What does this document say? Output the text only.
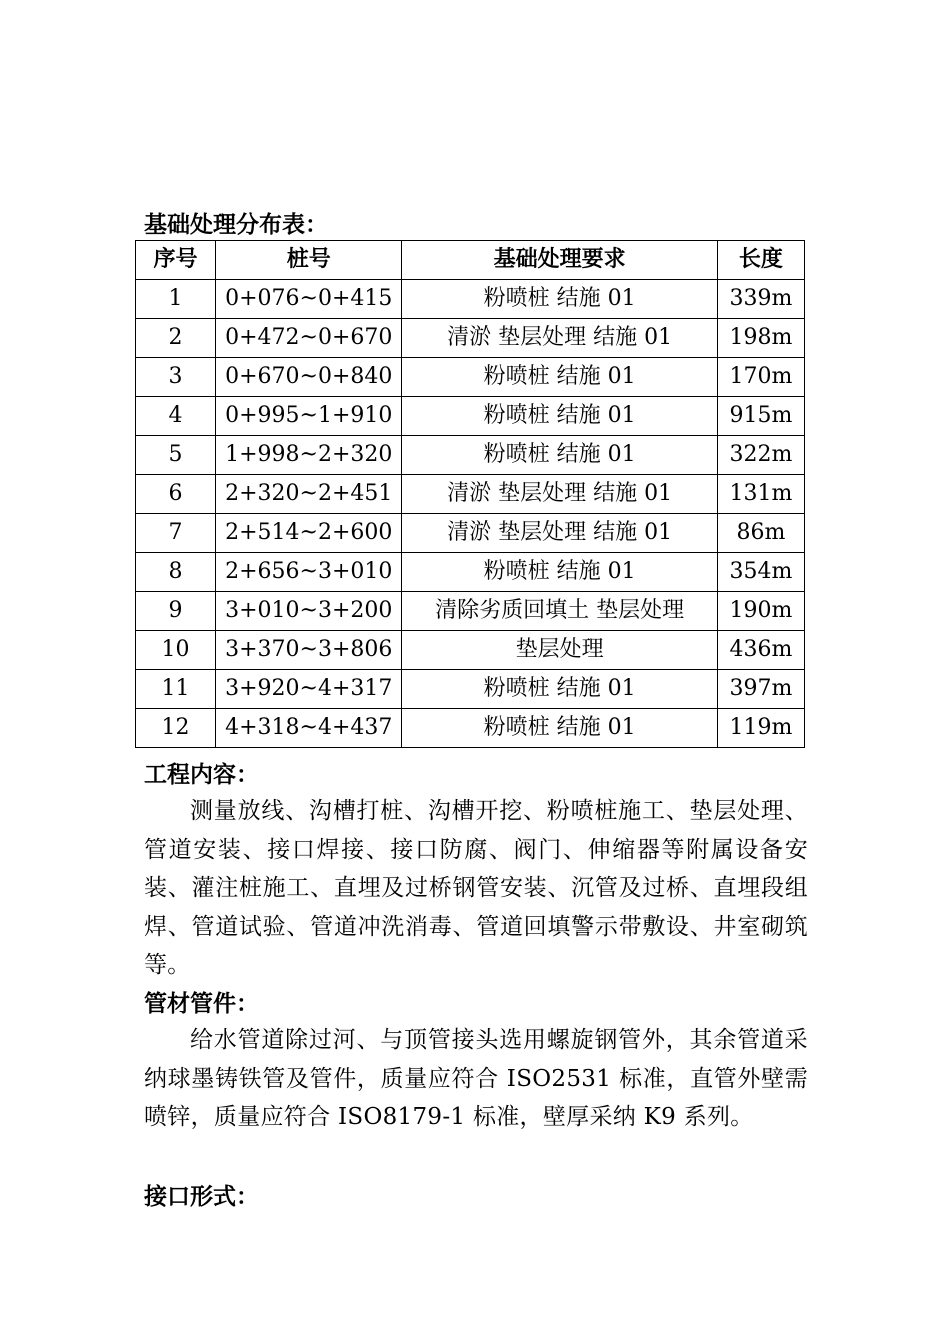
基础处理分布表：

序号	桩号	基础处理要求	长度
1	0+076~0+415	粉喷桩 结施 01	339m
2	0+472~0+670	清淤 垫层处理 结施 01	198m
3	0+670~0+840	粉喷桩 结施 01	170m
4	0+995~1+910	粉喷桩 结施 01	915m
5	1+998~2+320	粉喷桩 结施 01	322m
6	2+320~2+451	清淤 垫层处理 结施 01	131m
7	2+514~2+600	清淤 垫层处理 结施 01	86m
8	2+656~3+010	粉喷桩 结施 01	354m
9	3+010~3+200	清除劣质回填土 垫层处理	190m
10	3+370~3+806	垫层处理	436m
11	3+920~4+317	粉喷桩 结施 01	397m
12	4+318~4+437	粉喷桩 结施 01	119m
工程内容：

测量放线、沟槽打桩、沟槽开挖、粉喷桩施工、垫层处理、管道安装、接口焊接、接口防腐、阀门、伸缩器等附属设备安装、灌注桩施工、直埋及过桥钢管安装、沉管及过桥、直埋段组焊、管道试验、管道冲洗消毒、管道回填警示带敷设、井室砌筑等。

管材管件：

给水管道除过河、与顶管接头选用螺旋钢管外，其余管道采纳球墨铸铁管及管件，质量应符合 ISO2531 标准，直管外壁需喷锌，质量应符合 ISO8179-1 标准，壁厚采纳 K9 系列。

接口形式：
